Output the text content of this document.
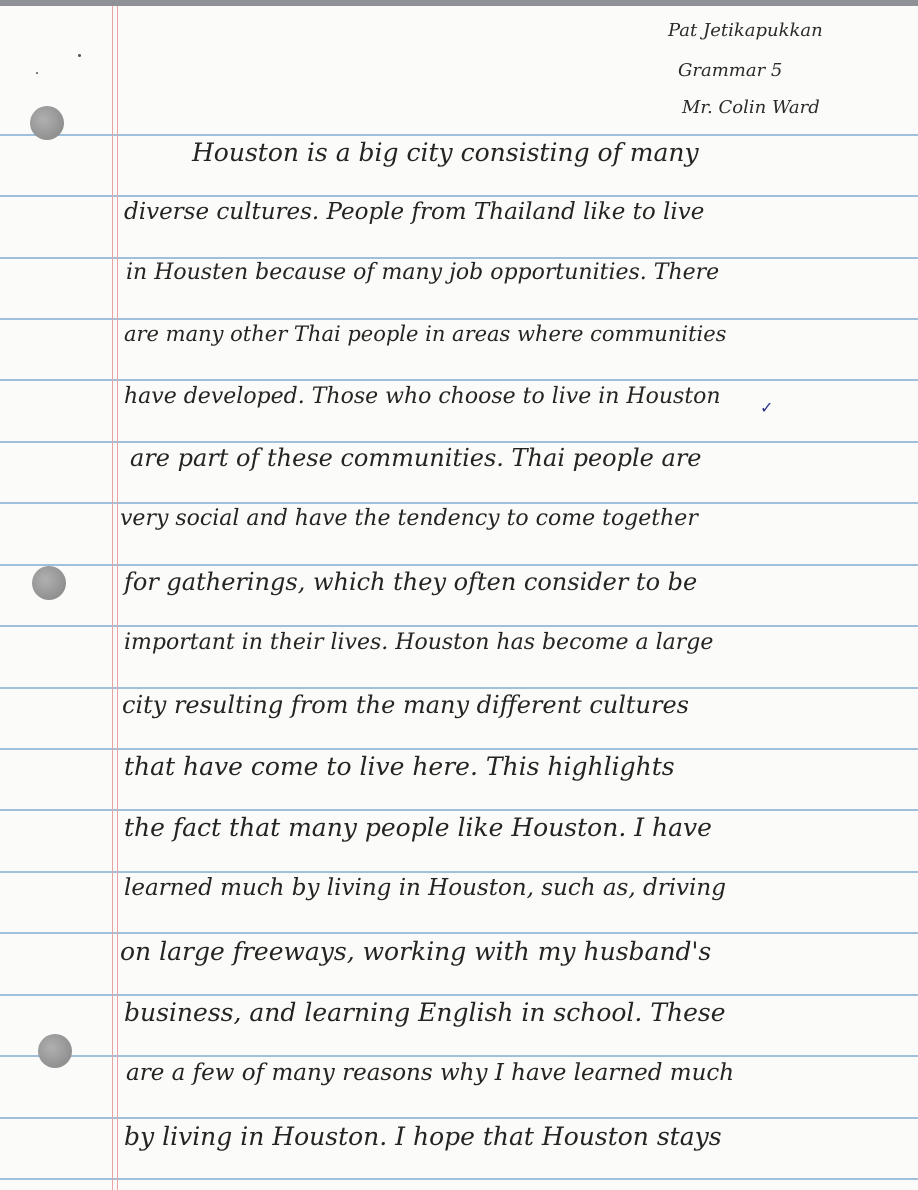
Pat Jetikapukkan
Grammar 5
Mr. Colin Ward
Houston is a big city consisting of many
diverse cultures. People from Thailand like to live
in Housten because of many job opportunities. There
are many other Thai people in areas where communities
have developed. Those who choose to live in Houston ✓
are part of these communities. Thai people are
very social and have the tendency to come together
for gatherings, which they often consider to be
important in their lives. Houston has become a large
city resulting from the many different cultures
that have come to live here. This highlights
the fact that many people like Houston. I have
learned much by living in Houston, such as, driving
on large freeways, working with my husband's
business, and learning English in school. These
are a few of many reasons why I have learned much
by living in Houston. I hope that Houston stays
